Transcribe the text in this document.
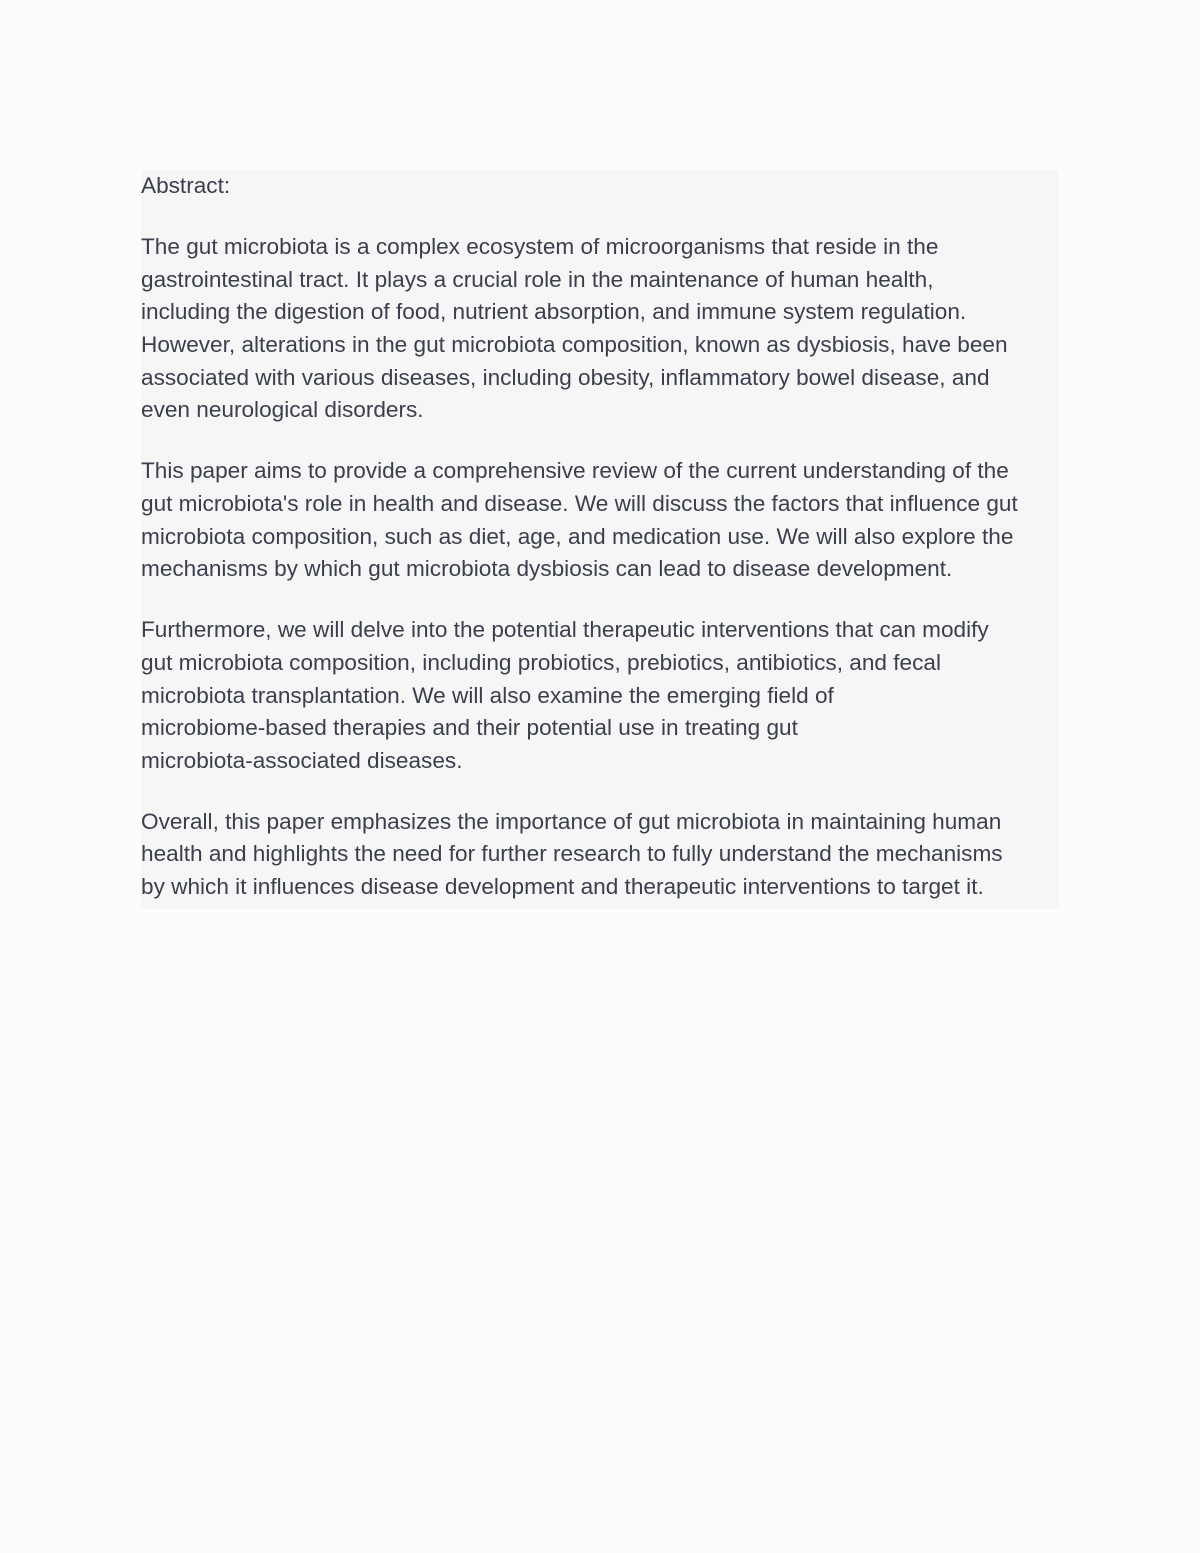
Abstract:

The gut microbiota is a complex ecosystem of microorganisms that reside in the
gastrointestinal tract. It plays a crucial role in the maintenance of human health,
including the digestion of food, nutrient absorption, and immune system regulation.
However, alterations in the gut microbiota composition, known as dysbiosis, have been
associated with various diseases, including obesity, inflammatory bowel disease, and
even neurological disorders.

This paper aims to provide a comprehensive review of the current understanding of the
gut microbiota's role in health and disease. We will discuss the factors that influence gut
microbiota composition, such as diet, age, and medication use. We will also explore the
mechanisms by which gut microbiota dysbiosis can lead to disease development.

Furthermore, we will delve into the potential therapeutic interventions that can modify
gut microbiota composition, including probiotics, prebiotics, antibiotics, and fecal
microbiota transplantation. We will also examine the emerging field of
microbiome-based therapies and their potential use in treating gut
microbiota-associated diseases.

Overall, this paper emphasizes the importance of gut microbiota in maintaining human
health and highlights the need for further research to fully understand the mechanisms
by which it influences disease development and therapeutic interventions to target it.
